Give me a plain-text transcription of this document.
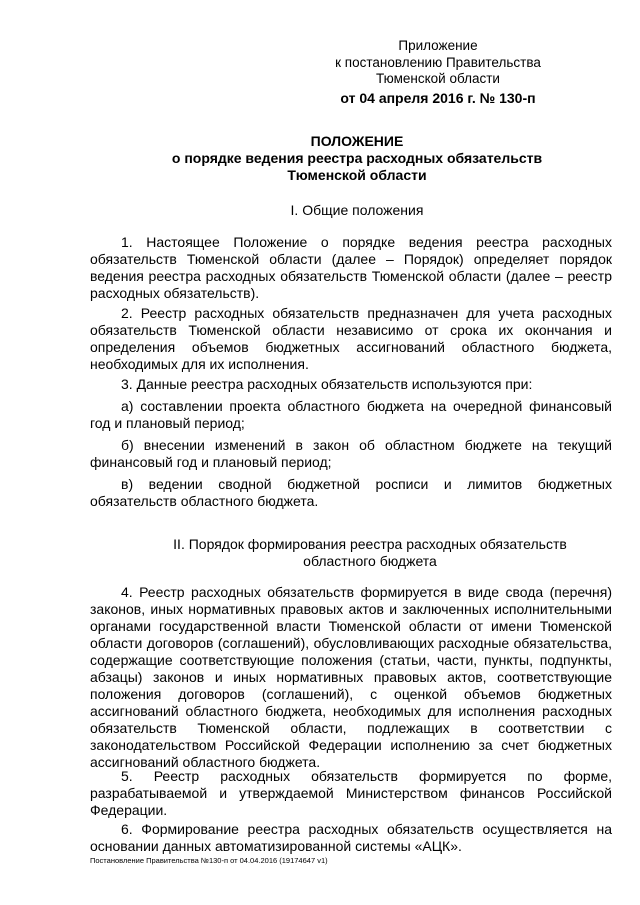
Приложение
к постановлению Правительства
Тюменской области
от 04 апреля 2016 г. № 130-п
ПОЛОЖЕНИЕ
о порядке ведения реестра расходных обязательств
Тюменской области
I. Общие положения

1. Настоящее Положение о порядке ведения реестра расходных обязательств Тюменской области (далее – Порядок) определяет порядок ведения реестра расходных обязательств Тюменской области (далее – реестр расходных обязательств).

2. Реестр расходных обязательств предназначен для учета расходных обязательств Тюменской области независимо от срока их окончания и определения объемов бюджетных ассигнований областного бюджета, необходимых для их исполнения.

3. Данные реестра расходных обязательств используются при:

а) составлении проекта областного бюджета на очередной финансовый год и плановый период;

б) внесении изменений в закон об областном бюджете на текущий финансовый год и плановый период;

в) ведении сводной бюджетной росписи и лимитов бюджетных обязательств областного бюджета.

II. Порядок формирования реестра расходных обязательств
областного бюджета

4. Реестр расходных обязательств формируется в виде свода (перечня) законов, иных нормативных правовых актов и заключенных исполнительными органами государственной власти Тюменской области от имени Тюменской области договоров (соглашений), обусловливающих расходные обязательства, содержащие соответствующие положения (статьи, части, пункты, подпункты, абзацы) законов и иных нормативных правовых актов, соответствующие положения договоров (соглашений), с оценкой объемов бюджетных ассигнований областного бюджета, необходимых для исполнения расходных обязательств Тюменской области, подлежащих в соответствии с законодательством Российской Федерации исполнению за счет бюджетных ассигнований областного бюджета.

5. Реестр расходных обязательств формируется по форме, разрабатываемой и утверждаемой Министерством финансов Российской Федерации.

6. Формирование реестра расходных обязательств осуществляется на основании данных автоматизированной системы «АЦК».

Постановление Правительства №130-п от 04.04.2016 (19174647 v1)
